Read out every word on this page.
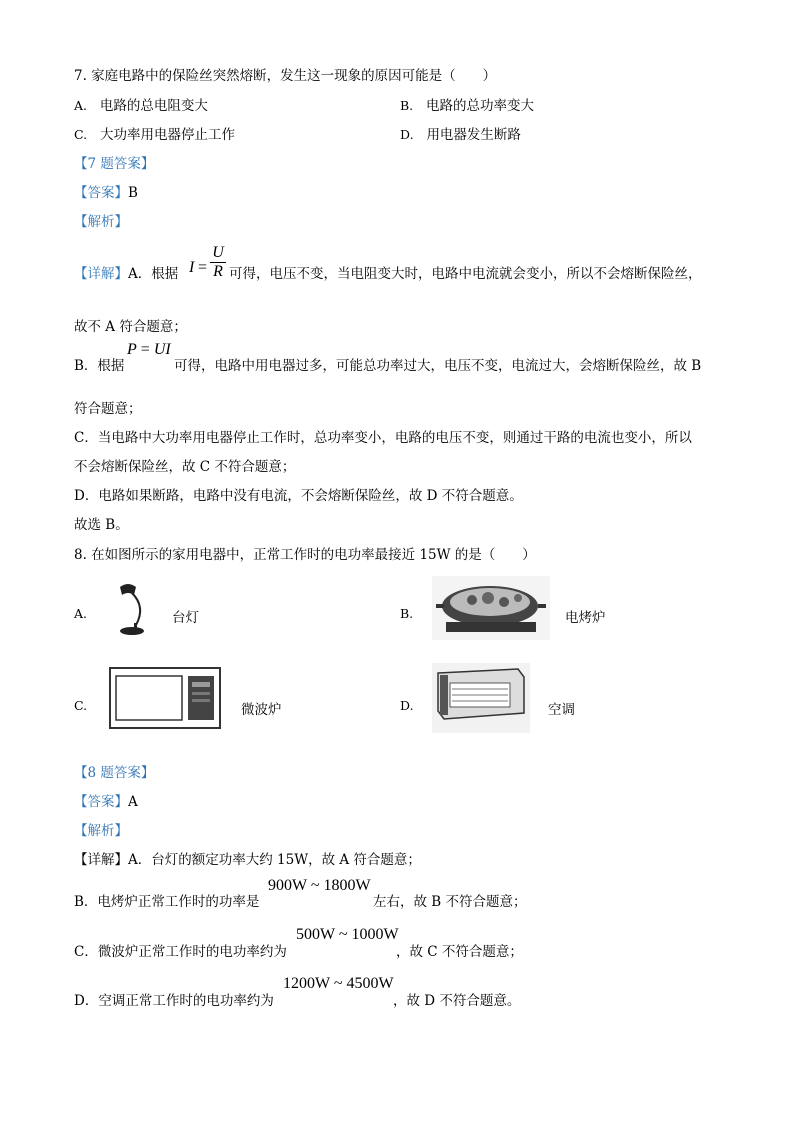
7. 家庭电路中的保险丝突然熔断，发生这一现象的原因可能是（　　）
A. 电路的总电阻变大	B. 电路的总功率变大
C. 大功率用电器停止工作	D. 用电器发生断路
【7 题答案】
【答案】B
【解析】
【详解】A．根据 I =
U
R 可得，电压不变，当电阻变大时，电路中电流就会变小，所以不会熔断保险丝，
故不 A 符合题意；
B．根据
P = UI
可得，电路中用电器过多，可能总功率过大，电压不变，电流过大，会熔断保险丝，故 B
符合题意；
C．当电路中大功率用电器停止工作时，总功率变小，电路的电压不变，则通过干路的电流也变小，所以
不会熔断保险丝，故 C 不符合题意；
D．电路如果断路，电路中没有电流，不会熔断保险丝，故 D 不符合题意。
故选 B。
8. 在如图所示的家用电器中，正常工作时的电功率最接近 15W 的是（　　）
A.	台灯	B.	电烤炉
C.	微波炉	D.	空调
【8 题答案】
【答案】A
【解析】
【详解】A．台灯的额定功率大约 15W，故 A 符合题意；
B．电烤炉正常工作时的功率是
900W ~ 1800W
左右，故 B 不符合题意；
C．微波炉正常工作时的电功率约为
500W ~ 1000W
，故 C 不符合题意；
D．空调正常工作时的电功率约为
1200W ~ 4500W
，故 D 不符合题意。
